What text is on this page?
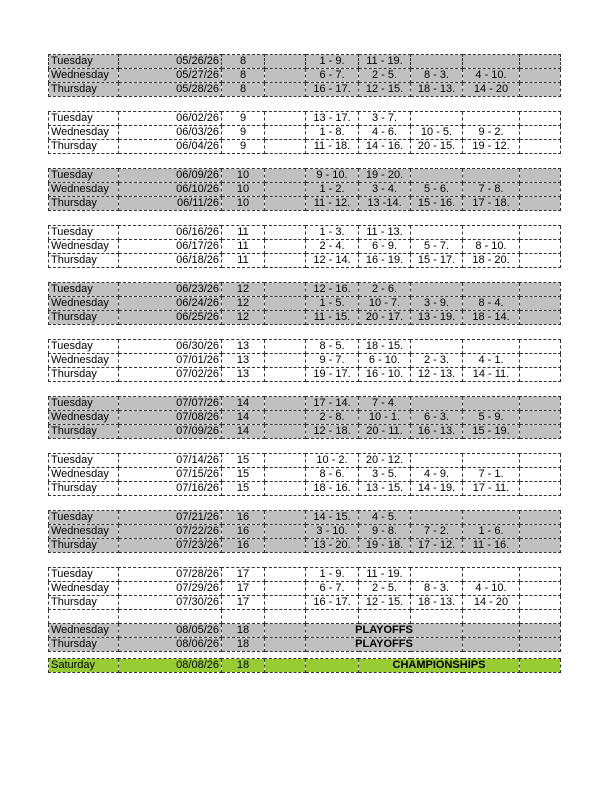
Tuesday	05/26/26	8		1 - 9.	11 - 19.			
Wednesday	05/27/26	8		6 - 7.	2 - 5.	8 - 3.	4 - 10.	
Thursday	05/28/26	8		16 - 17.	12 - 15.	18 - 13.	14 - 20	

Tuesday	06/02/26	9		13 - 17.	3 - 7.			
Wednesday	06/03/26	9		1 - 8.	4 - 6.	10 - 5.	9 - 2.	
Thursday	06/04/26	9		11 - 18.	14 - 16.	20 - 15.	19 - 12.	

Tuesday	06/09/26	10		9 - 10.	19 - 20.			
Wednesday	06/10/26	10		1 - 2.	3 - 4.	5 - 6.	7 - 8.	
Thursday	06/11/26	10		11 - 12.	13 -14.	15 - 16.	17 - 18.	

Tuesday	06/16/26	11		1 - 3.	11 - 13.			
Wednesday	06/17/26	11		2 - 4.	6 - 9.	5 - 7.	8 - 10.	
Thursday	06/18/26	11		12 - 14.	16 - 19.	15 - 17.	18 - 20.	

Tuesday	06/23/26	12		12 - 16.	2 - 6.			
Wednesday	06/24/26	12		1 - 5.	10 - 7.	3 - 9.	8 - 4.	
Thursday	06/25/26	12		11 - 15.	20 - 17.	13 - 19.	18 - 14.	

Tuesday	06/30/26	13		8 - 5.	18 - 15.			
Wednesday	07/01/26	13		9 - 7.	6 - 10.	2 - 3.	4 - 1.	
Thursday	07/02/26	13		19 - 17.	16 - 10.	12 - 13.	14 - 11.	

Tuesday	07/07/26	14		17 - 14.	7 - 4.			
Wednesday	07/08/26	14		2 - 8.	10 - 1.	6 - 3.	5 - 9.	
Thursday	07/09/26	14		12 - 18.	20 - 11.	16 - 13.	15 - 19.	

Tuesday	07/14/26	15		10 - 2.	20 - 12.			
Wednesday	07/15/26	15		8 - 6.	3 - 5.	4 - 9.	7 - 1.	
Thursday	07/16/26	15		18 - 16.	13 - 15.	14 - 19.	17 - 11.	

Tuesday	07/21/26	16		14 - 15.	4 - 5.			
Wednesday	07/22/26	16		3 - 10.	9 - 8.	7 - 2.	1 - 6.	
Thursday	07/23/26	16		13 - 20.	19 - 18.	17 - 12.	11 - 16.	

Tuesday	07/28/26	17		1 - 9.	11 - 19.			
Wednesday	07/29/26	17		6 - 7.	2 - 5.	8 - 3.	4 - 10.	
Thursday	07/30/26	17		16 - 17.	12 - 15.	18 - 13.	14 - 20	

Wednesday	08/05/26	18		PLAYOFFS				
Thursday	08/06/26	18		PLAYOFFS				

Saturday	08/08/26	18			CHAMPIONSHIPS			
